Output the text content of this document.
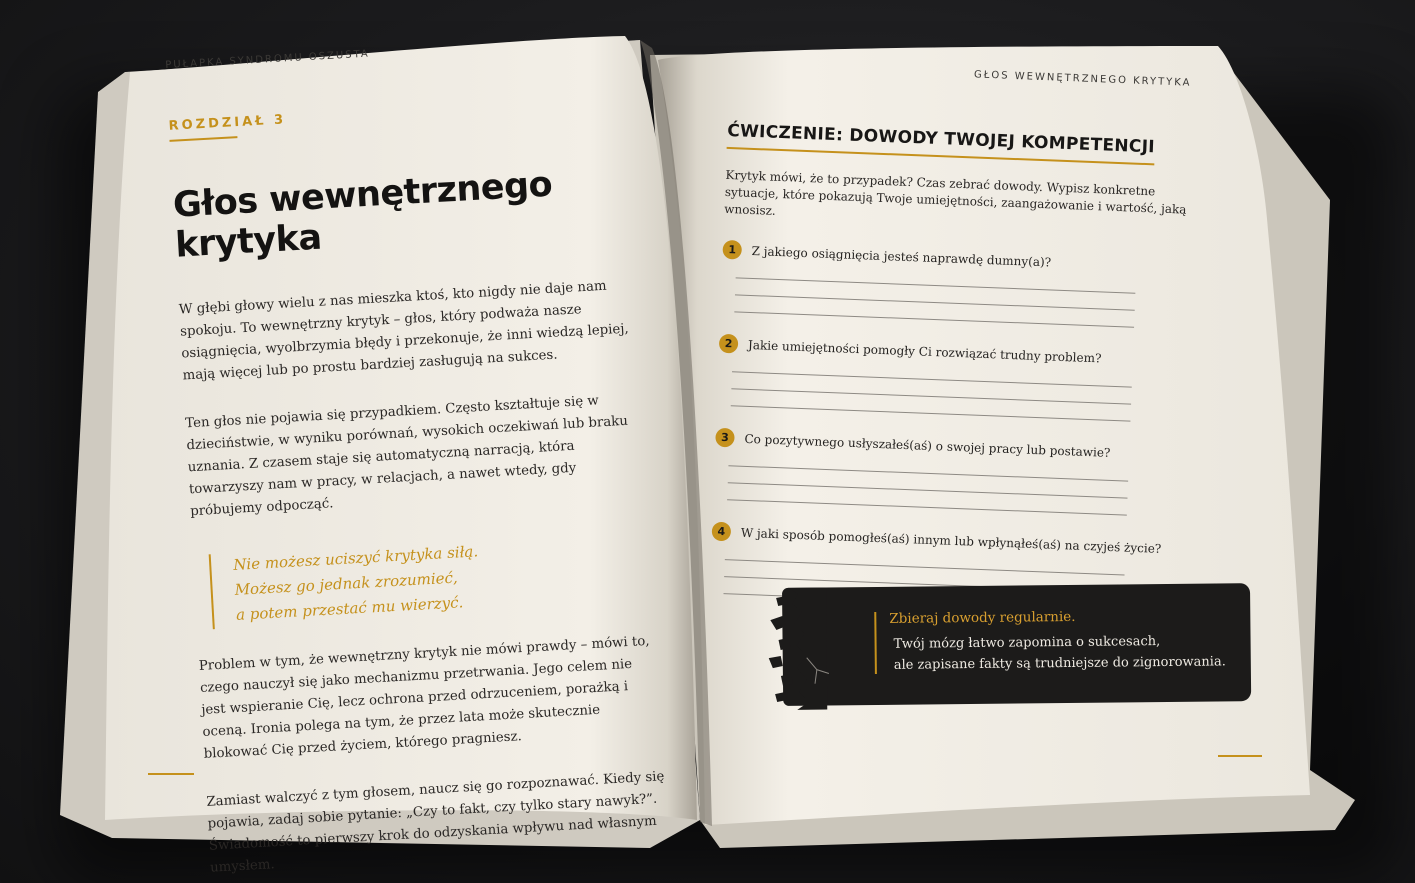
PUŁAPKA SYNDROMU OSZUSTA
ROZDZIAŁ 3
Głos wewnętrznego krytyka
W głębi głowy wielu z nas mieszka ktoś, kto nigdy nie daje nam spokoju. To wewnętrzny krytyk – głos, który podważa nasze osiągnięcia, wyolbrzymia błędy i przekonuje, że inni wiedzą lepiej, mają więcej lub po prostu bardziej zasługują na sukces.
Ten głos nie pojawia się przypadkiem. Często kształtuje się w dzieciństwie, w wyniku porównań, wysokich oczekiwań lub braku uznania. Z czasem staje się automatyczną narracją, która towarzyszy nam w pracy, w relacjach, a nawet wtedy, gdy próbujemy odpocząć.
Nie możesz uciszyć krytyka siłą.
Możesz go jednak zrozumieć,
a potem przestać mu wierzyć.
Problem w tym, że wewnętrzny krytyk nie mówi prawdy – mówi to, czego nauczył się jako mechanizmu przetrwania. Jego celem nie jest wspieranie Cię, lecz ochrona przed odrzuceniem, porażką i oceną. Ironia polega na tym, że przez lata może skutecznie blokować Cię przed życiem, którego pragniesz.
Zamiast walczyć z tym głosem, naucz się go rozpoznawać. Kiedy się pojawia, zadaj sobie pytanie: „Czy to fakt, czy tylko stary nawyk?”. Świadomość to pierwszy krok do odzyskania wpływu nad własnym umysłem.
GŁOS WEWNĘTRZNEGO KRYTYKA
ĆWICZENIE: DOWODY TWOJEJ KOMPETENCJI
Krytyk mówi, że to przypadek? Czas zebrać dowody. Wypisz konkretne sytuacje, które pokazują Twoje umiejętności, zaangażowanie i wartość, jaką wnosisz.
1	Z jakiego osiągnięcia jesteś naprawdę dumny(a)?
2	Jakie umiejętności pomogły Ci rozwiązać trudny problem?
3	Co pozytywnego usłyszałeś(aś) o swojej pracy lub postawie?
4	W jaki sposób pomogłeś(aś) innym lub wpłynąłeś(aś) na czyjeś życie?
Zbieraj dowody regularnie.
Twój mózg łatwo zapomina o sukcesach,
ale zapisane fakty są trudniejsze do zignorowania.
